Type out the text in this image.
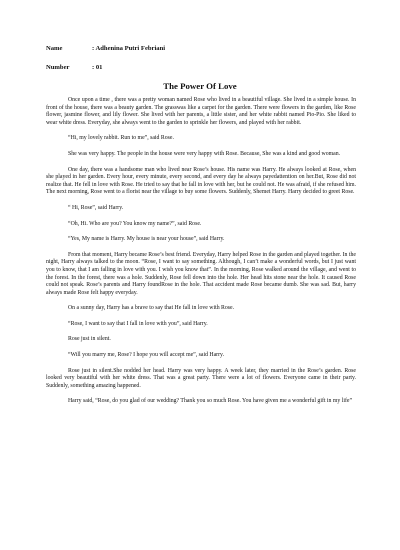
Name	: Adhenina Putri Febriani
Number	: 01
The Power Of Love

Once upon a time , there was a pretty woman named Rose who lived in a beautiful village. She lived in a simple house. In front of the house, there was a beauty garden. The grasswas like a carpet for the garden. There were flowers in the garden, like Rose flower, jasmine flower, and lily flower. She lived with her parents, a little sister, and her white rabbit named Pio-Pio. She liked to wear white dress. Everyday, she always went to the garden to sprinkle her flowers, and played with her rabbit.

“Hi, my lovely rabbit. Run to me”, said Rose.

She was very happy. The people in the house were very happy with Rose. Because, She was a kind and good woman.

One day, there was a handsome man who lived near Rose’s house. His name was Harry. He always looked at Rose, when she played in her garden. Every hour, every minute, every second, and every day he always payedattention on her.But, Rose did not realize that. He fell in love with Rose. He tried to say that he fall in love with her, but he could not. He was afraid, if she refused him. The next morning, Rose went to a florist near the village to buy some flowers. Suddenly, Shemet Harry. Harry decided to greet Rose.

“ Hi, Rose”, said Harry.

“Oh, Hi. Who are you? You know my name?”, said Rose.

“Yes, My name is Harry. My house is near your house”, said Harry.

From that moment, Harry became Rose’s best friend. Everyday, Harry helped Rose in the garden and played together. In the night, Harry always talked to the moon. “Rose, I want to say something. Although, I can’t make a wonderful words, but I just want you to know, that I am falling in love with you. I wish you know that”. In the morning, Rose walked around the village, and went to the forest. In the forest, there was a hole. Suddenly, Rose fell down into the hole. Her head hits stone near the hole. It caused Rose could not speak. Rose’s parents and Harry foundRose in the hole. That accident made Rose became dumb. She was sad. But, harry always made Rose felt happy everyday.

On a sunny day, Harry has a brave to say that He fall in love with Rose.

“Rose, I want to say that I fall in love with you”, said Harry.

Rose just in silent.

“Will you marry me, Rose? I hope you will accept me”, said Harry.

Rose just in silent.She nodded her head. Harry was very happy. A week later, they married in the Rose’s garden. Rose looked very beautiful with her white dress. That was a great party. There were a lot of flowers. Everyone came in their party. Suddenly, something amazing happened.

Harry said, “Rose, do you glad of our wedding? Thank you so much Rose. You have given me a wonderful gift in my life”
